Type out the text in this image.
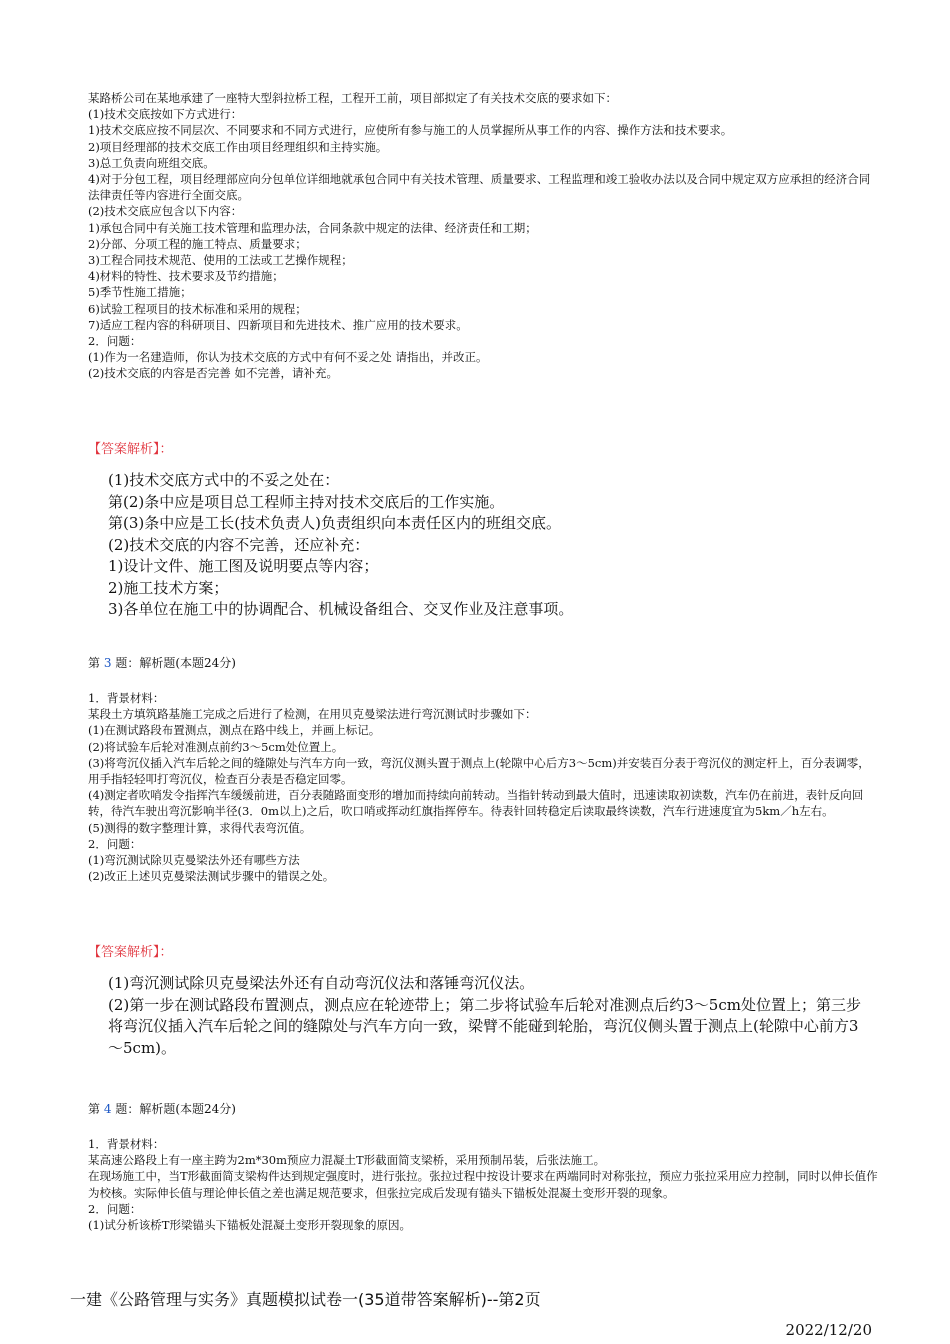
某路桥公司在某地承建了一座特大型斜拉桥工程，工程开工前，项目部拟定了有关技术交底的要求如下：

(1)技术交底按如下方式进行：

1)技术交底应按不同层次、不同要求和不同方式进行，应使所有参与施工的人员掌握所从事工作的内容、操作方法和技术要求。

2)项目经理部的技术交底工作由项目经理组织和主持实施。

3)总工负责向班组交底。

4)对于分包工程，项目经理部应向分包单位详细地就承包合同中有关技术管理、质量要求、工程监理和竣工验收办法以及合同中规定双方应承担的经济合同法律责任等内容进行全面交底。

(2)技术交底应包含以下内容：

1)承包合同中有关施工技术管理和监理办法，合同条款中规定的法律、经济责任和工期；

2)分部、分项工程的施工特点、质量要求；

3)工程合同技术规范、使用的工法或工艺操作规程；

4)材料的特性、技术要求及节约措施；

5)季节性施工措施；

6)试验工程项目的技术标准和采用的规程；

7)适应工程内容的科研项目、四新项目和先进技术、推广应用的技术要求。

2．问题：

(1)作为一名建造师，你认为技术交底的方式中有何不妥之处 请指出，并改正。

(2)技术交底的内容是否完善 如不完善，请补充。

【答案解析】：

(1)技术交底方式中的不妥之处在：

第(2)条中应是项目总工程师主持对技术交底后的工作实施。

第(3)条中应是工长(技术负责人)负责组织向本责任区内的班组交底。

(2)技术交底的内容不完善，还应补充：

1)设计文件、施工图及说明要点等内容；

2)施工技术方案；

3)各单位在施工中的协调配合、机械设备组合、交叉作业及注意事项。

第 3 题：解析题(本题24分)

1．背景材料：

某段土方填筑路基施工完成之后进行了检测，在用贝克曼梁法进行弯沉测试时步骤如下：

(1)在测试路段布置测点，测点在路中线上，并画上标记。

(2)将试验车后轮对准测点前约3～5cm处位置上。

(3)将弯沉仪插入汽车后轮之间的缝隙处与汽车方向一致，弯沉仪测头置于测点上(轮隙中心后方3～5cm)并安装百分表于弯沉仪的测定杆上，百分表调零，用手指轻轻叩打弯沉仪，检查百分表是否稳定回零。

(4)测定者吹哨发令指挥汽车缓缓前进，百分表随路面变形的增加而持续向前转动。当指针转动到最大值时，迅速读取初读数，汽车仍在前进，表针反向回转，待汽车驶出弯沉影响半径(3．0m以上)之后，吹口哨或挥动红旗指挥停车。待表针回转稳定后读取最终读数，汽车行进速度宜为5km／h左右。

(5)测得的数字整理计算，求得代表弯沉值。

2．问题：

(1)弯沉测试除贝克曼梁法外还有哪些方法

(2)改正上述贝克曼梁法测试步骤中的错误之处。

【答案解析】：

(1)弯沉测试除贝克曼梁法外还有自动弯沉仪法和落锤弯沉仪法。

(2)第一步在测试路段布置测点，测点应在轮迹带上；第二步将试验车后轮对准测点后约3～5cm处位置上；第三步将弯沉仪插入汽车后轮之间的缝隙处与汽车方向一致，梁臂不能碰到轮胎，弯沉仪侧头置于测点上(轮隙中心前方3～5cm)。

第 4 题：解析题(本题24分)

1．背景材料：

某高速公路段上有一座主跨为2m*30m预应力混凝土T形截面简支梁桥，采用预制吊装，后张法施工。

在现场施工中，当T形截面简支梁构件达到规定强度时，进行张拉。张拉过程中按设计要求在两端同时对称张拉，预应力张拉采用应力控制，同时以伸长值作为校核。实际伸长值与理论伸长值之差也满足规范要求，但张拉完成后发现有锚头下锚板处混凝土变形开裂的现象。

2．问题：

(1)试分析该桥T形梁锚头下锚板处混凝土变形开裂现象的原因。

一建《公路管理与实务》真题模拟试卷一(35道带答案解析)--第2页
2022/12/20
